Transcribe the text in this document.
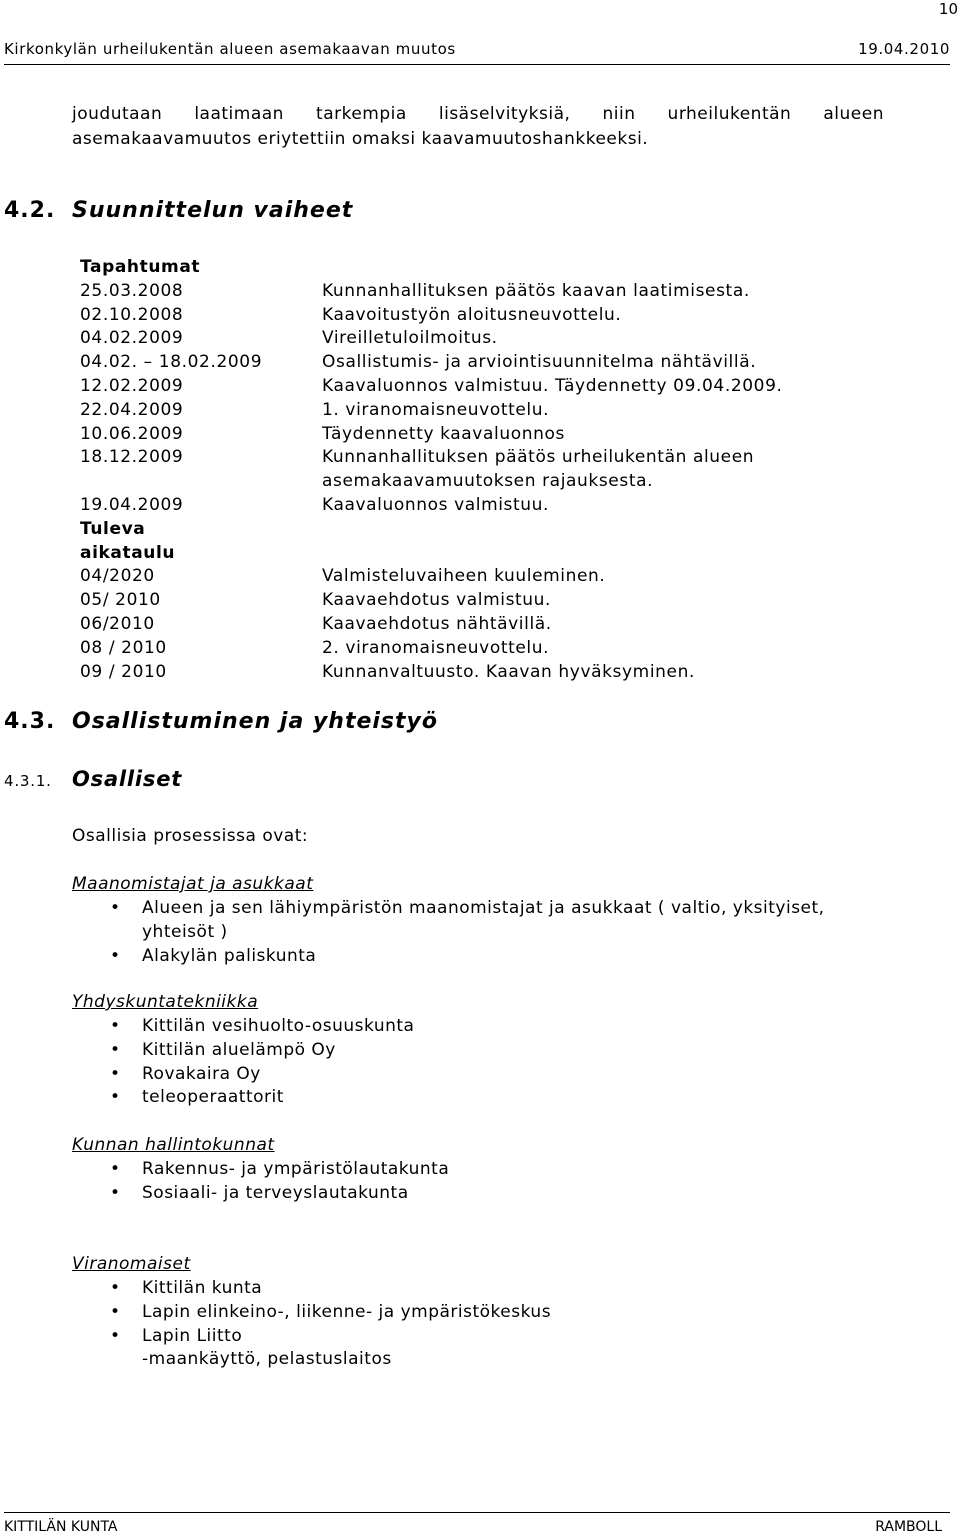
10
Kirkonkylän urheilukentän alueen asemakaavan muutos	19.04.2010
joudutaan laatimaan tarkempia lisäselvityksiä, niin urheilukentän alueen asemakaavamuutos eriytettiin omaksi kaavamuutoshankkeeksi.
4.2. Suunnittelun vaiheet
Tapahtumat
25.03.2008	Kunnanhallituksen päätös kaavan laatimisesta.
02.10.2008	Kaavoitustyön aloitusneuvottelu.
04.02.2009	Vireilletuloilmoitus.
04.02. – 18.02.2009	Osallistumis- ja arviointisuunnitelma nähtävillä.
12.02.2009	Kaavaluonnos valmistuu. Täydennetty 09.04.2009.
22.04.2009	1. viranomaisneuvottelu.
10.06.2009	Täydennetty kaavaluonnos
18.12.2009	Kunnanhallituksen päätös urheilukentän alueen
asemakaavamuutoksen rajauksesta.
19.04.2009	Kaavaluonnos valmistuu.
Tuleva
aikataulu
04/2020	Valmisteluvaiheen kuuleminen.
05/ 2010	Kaavaehdotus valmistuu.
06/2010	Kaavaehdotus nähtävillä.
08 / 2010	2. viranomaisneuvottelu.
09 / 2010	Kunnanvaltuusto. Kaavan hyväksyminen.
4.3. Osallistuminen ja yhteistyö
4.3.1. Osalliset
Osallisia prosessissa ovat:
Maanomistajat ja asukkaat
• Alueen ja sen lähiympäristön maanomistajat ja asukkaat ( valtio, yksityiset, yhteisöt )
• Alakylän paliskunta
Yhdyskuntatekniikka
• Kittilän vesihuolto-osuuskunta
• Kittilän aluelämpö Oy
• Rovakaira Oy
• teleoperaattorit
Kunnan hallintokunnat
• Rakennus- ja ympäristölautakunta
• Sosiaali- ja terveyslautakunta
Viranomaiset
• Kittilän kunta
• Lapin elinkeino-, liikenne- ja ympäristökeskus
• Lapin Liitto
-maankäyttö, pelastuslaitos
KITTILÄN KUNTA	RAMBOLL
